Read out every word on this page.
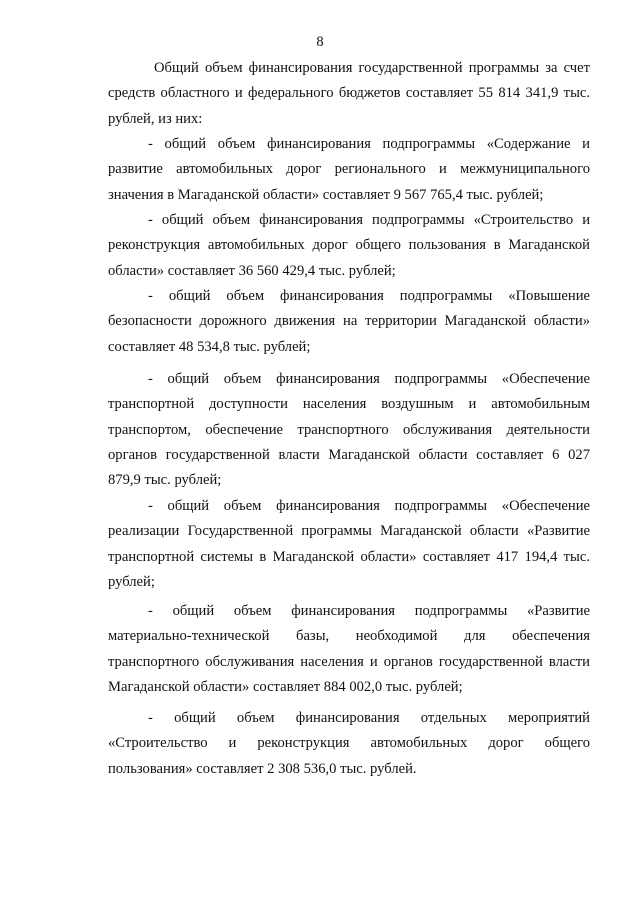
8

Общий объем финансирования государственной программы за счет средств областного и федерального бюджетов составляет 55 814 341,9 тыс. рублей, из них:

- общий объем финансирования подпрограммы «Содержание и развитие автомобильных дорог регионального и межмуниципального значения в Магаданской области» составляет 9 567 765,4 тыс. рублей;

- общий объем финансирования подпрограммы «Строительство и реконструкция автомобильных дорог общего пользования в Магаданской области» составляет 36 560 429,4 тыс. рублей;

- общий объем финансирования подпрограммы «Повышение безопасности дорожного движения на территории Магаданской области» составляет 48 534,8 тыс. рублей;

- общий объем финансирования подпрограммы «Обеспечение транспортной доступности населения воздушным и автомобильным транспортом, обеспечение транспортного обслуживания деятельности органов государственной власти Магаданской области составляет 6 027 879,9 тыс. рублей;

- общий объем финансирования подпрограммы «Обеспечение реализации Государственной программы Магаданской области «Развитие транспортной системы в Магаданской области» составляет 417 194,4 тыс. рублей;

- общий объем финансирования подпрограммы «Развитие материально-технической базы, необходимой для обеспечения транспортного обслуживания населения и органов государственной власти Магаданской области» составляет 884 002,0 тыс. рублей;

- общий объем финансирования отдельных мероприятий «Строительство и реконструкция автомобильных дорог общего пользования» составляет 2 308 536,0 тыс. рублей.
